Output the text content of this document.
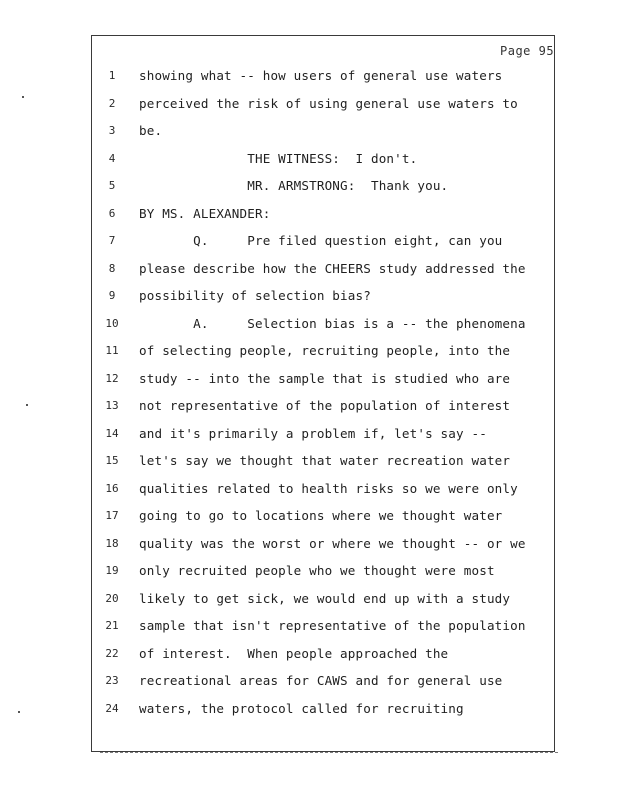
Page 95
1
2
3
4
5
6
7
8
9
10
11
12
13
14
15
16
17
18
19
20
21
22
23
24
showing what -- how users of general use waters
perceived the risk of using general use waters to
be.
THE WITNESS:  I don't.
MR. ARMSTRONG:  Thank you.
BY MS. ALEXANDER:
Q.     Pre filed question eight, can you
please describe how the CHEERS study addressed the
possibility of selection bias?
A.     Selection bias is a -- the phenomena
of selecting people, recruiting people, into the
study -- into the sample that is studied who are
not representative of the population of interest
and it's primarily a problem if, let's say --
let's say we thought that water recreation water
qualities related to health risks so we were only
going to go to locations where we thought water
quality was the worst or where we thought -- or we
only recruited people who we thought were most
likely to get sick, we would end up with a study
sample that isn't representative of the population
of interest.  When people approached the
recreational areas for CAWS and for general use
waters, the protocol called for recruiting
